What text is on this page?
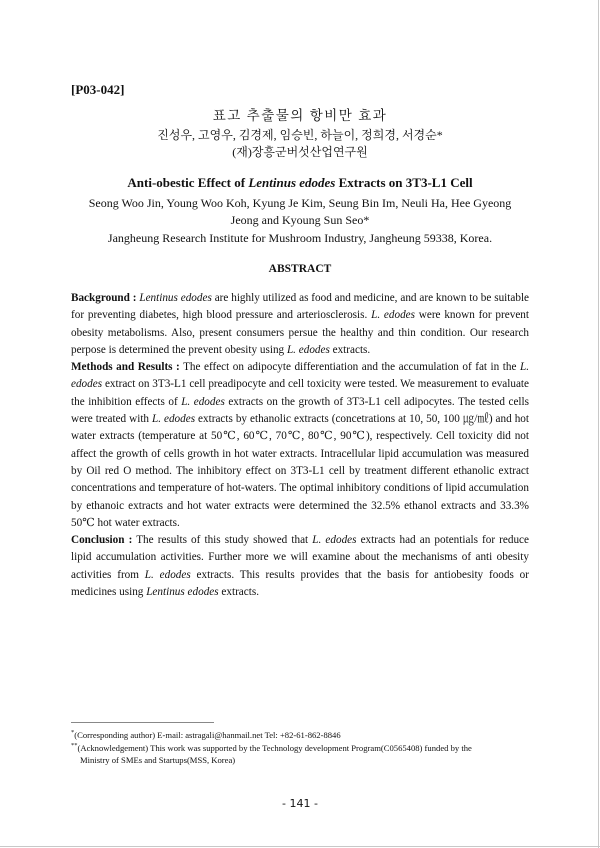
[P03-042]
표고 추출물의 항비만 효과
진성우, 고영우, 김경제, 임승빈, 하늘이, 정희경, 서경순*
(재)장흥군버섯산업연구원
Anti-obestic Effect of Lentinus edodes Extracts on 3T3-L1 Cell
Seong Woo Jin, Young Woo Koh, Kyung Je Kim, Seung Bin Im, Neuli Ha, Hee Gyeong
Jeong and Kyoung Sun Seo*
Jangheung Research Institute for Mushroom Industry, Jangheung 59338, Korea.
ABSTRACT

Background : Lentinus edodes are highly utilized as food and medicine, and are known to be suitable for preventing diabetes, high blood pressure and arteriosclerosis. L. edodes were known for prevent obesity metabolisms. Also, present consumers persue the healthy and thin condition. Our research perpose is determined the prevent obesity using L. edodes extracts.

Methods and Results : The effect on adipocyte differentiation and the accumulation of fat in the L. edodes extract on 3T3-L1 cell preadipocyte and cell toxicity were tested. We measurement to evaluate the inhibition effects of L. edodes extracts on the growth of 3T3-L1 cell adipocytes. The tested cells were treated with L. edodes extracts by ethanolic extracts (concetrations at 10, 50, 100 ㎍/㎖) and hot water extracts (temperature at 50℃, 60℃, 70℃, 80℃, 90℃), respectively. Cell toxicity did not affect the growth of cells growth in hot water extracts. Intracellular lipid accumulation was measured by Oil red O method. The inhibitory effect on 3T3-L1 cell by treatment different ethanolic extract concentrations and temperature of hot-waters. The optimal inhibitory conditions of lipid accumulation by ethanoic extracts and hot water extracts were determined the 32.5% ethanol extracts and 33.3% 50℃ hot water extracts.

Conclusion : The results of this study showed that L. edodes extracts had an potentials for reduce lipid accumulation activities. Further more we will examine about the mechanisms of anti obesity activities from L. edodes extracts. This results provides that the basis for antiobesity foods or medicines using Lentinus edodes extracts.

*(Corresponding author) E-mail: astragali@hanmail.net Tel: +82-61-862-8846
**(Acknowledgement) This work was supported by the Technology development Program(C0565408) funded by the
Ministry of SMEs and Startups(MSS, Korea)
- 141 -
